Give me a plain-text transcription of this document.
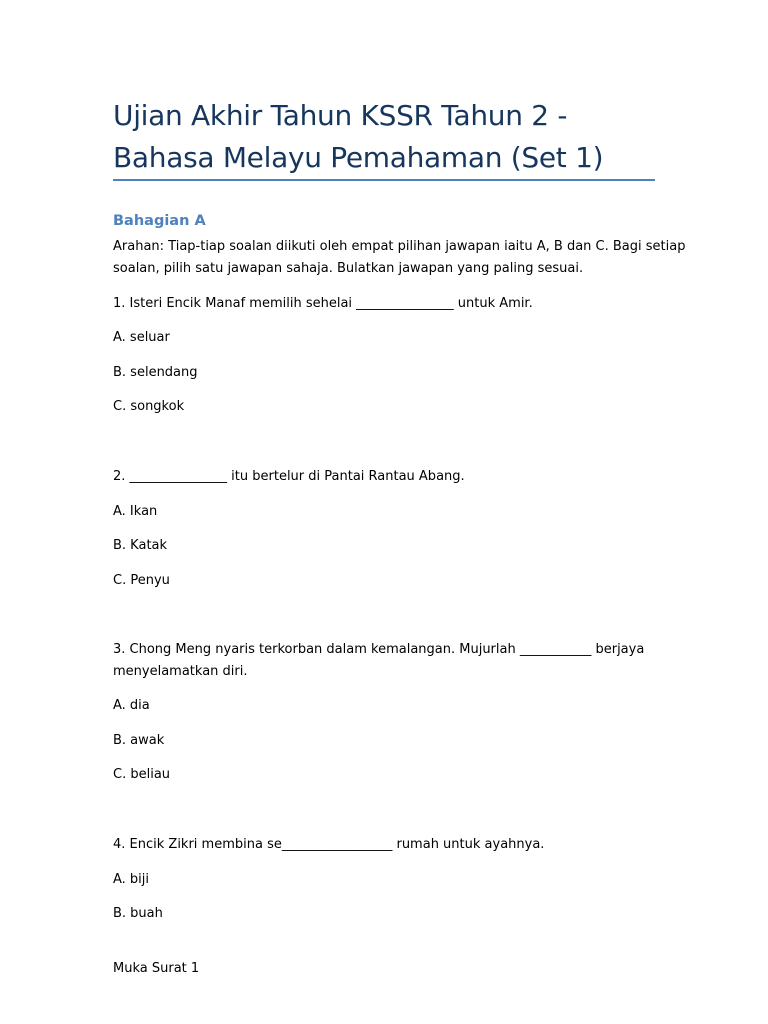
Ujian Akhir Tahun KSSR Tahun 2 -
Bahasa Melayu Pemahaman (Set 1)
Bahagian A

Arahan: Tiap-tiap soalan diikuti oleh empat pilihan jawapan iaitu A, B dan C. Bagi setiap

soalan, pilih satu jawapan sahaja. Bulatkan jawapan yang paling sesuai.

1. Isteri Encik Manaf memilih sehelai _______________ untuk Amir.

A. seluar

B. selendang

C. songkok

2. _______________ itu bertelur di Pantai Rantau Abang.

A. Ikan

B. Katak

C. Penyu

3. Chong Meng nyaris terkorban dalam kemalangan. Mujurlah ___________ berjaya

menyelamatkan diri.

A. dia

B. awak

C. beliau

4. Encik Zikri membina se_________________ rumah untuk ayahnya.

A. biji

B. buah

Muka Surat 1
